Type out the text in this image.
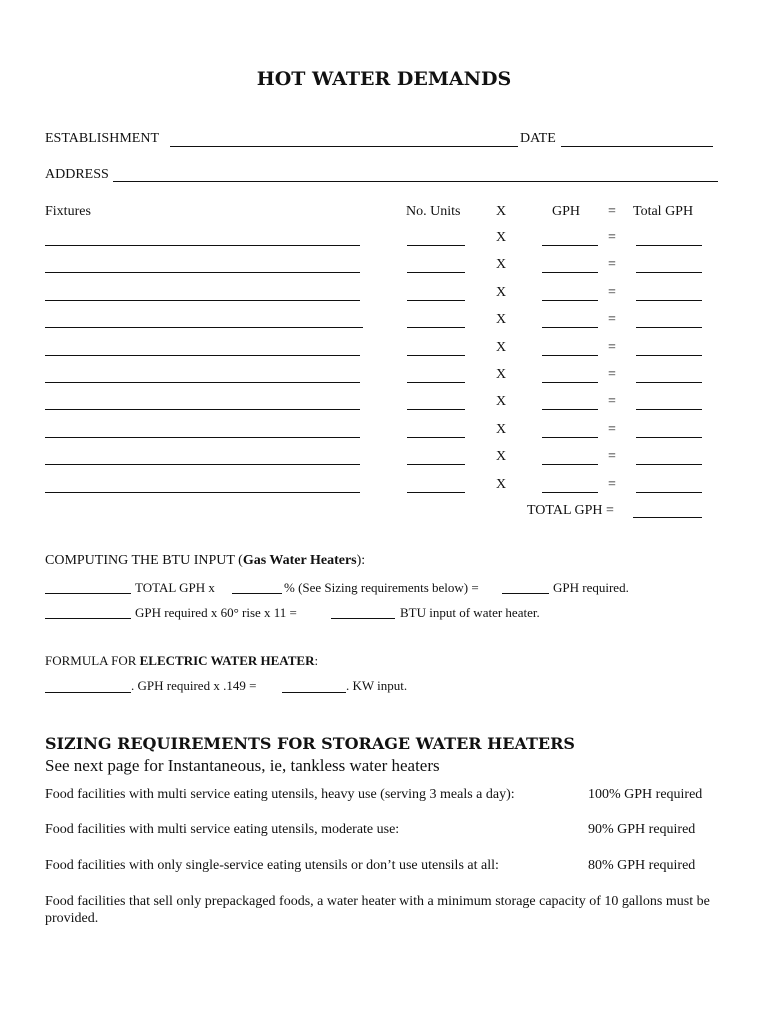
HOT WATER DEMANDS
ESTABLISHMENT	DATE
ADDRESS
Fixtures	No. Units	X	GPH = Total GPH
X	=
X	=
X	=
X	=
X	=
X	=
X	=
X	=
X	=
X	=
TOTAL GPH =
COMPUTING THE BTU INPUT (Gas Water Heaters):
TOTAL GPH x	% (See Sizing requirements below) =	GPH required.
GPH required x 60° rise x 11 =	BTU input of water heater.
FORMULA FOR ELECTRIC WATER HEATER:
. GPH required x .149 =	. KW input.
SIZING REQUIREMENTS FOR STORAGE WATER HEATERS
See next page for Instantaneous, ie, tankless water heaters
Food facilities with multi service eating utensils, heavy use (serving 3 meals a day):	100% GPH required
Food facilities with multi service eating utensils, moderate use:	90% GPH required
Food facilities with only single-service eating utensils or don’t use utensils at all:	80% GPH required
Food facilities that sell only prepackaged foods, a water heater with a minimum storage capacity of 10 gallons must be provided.
